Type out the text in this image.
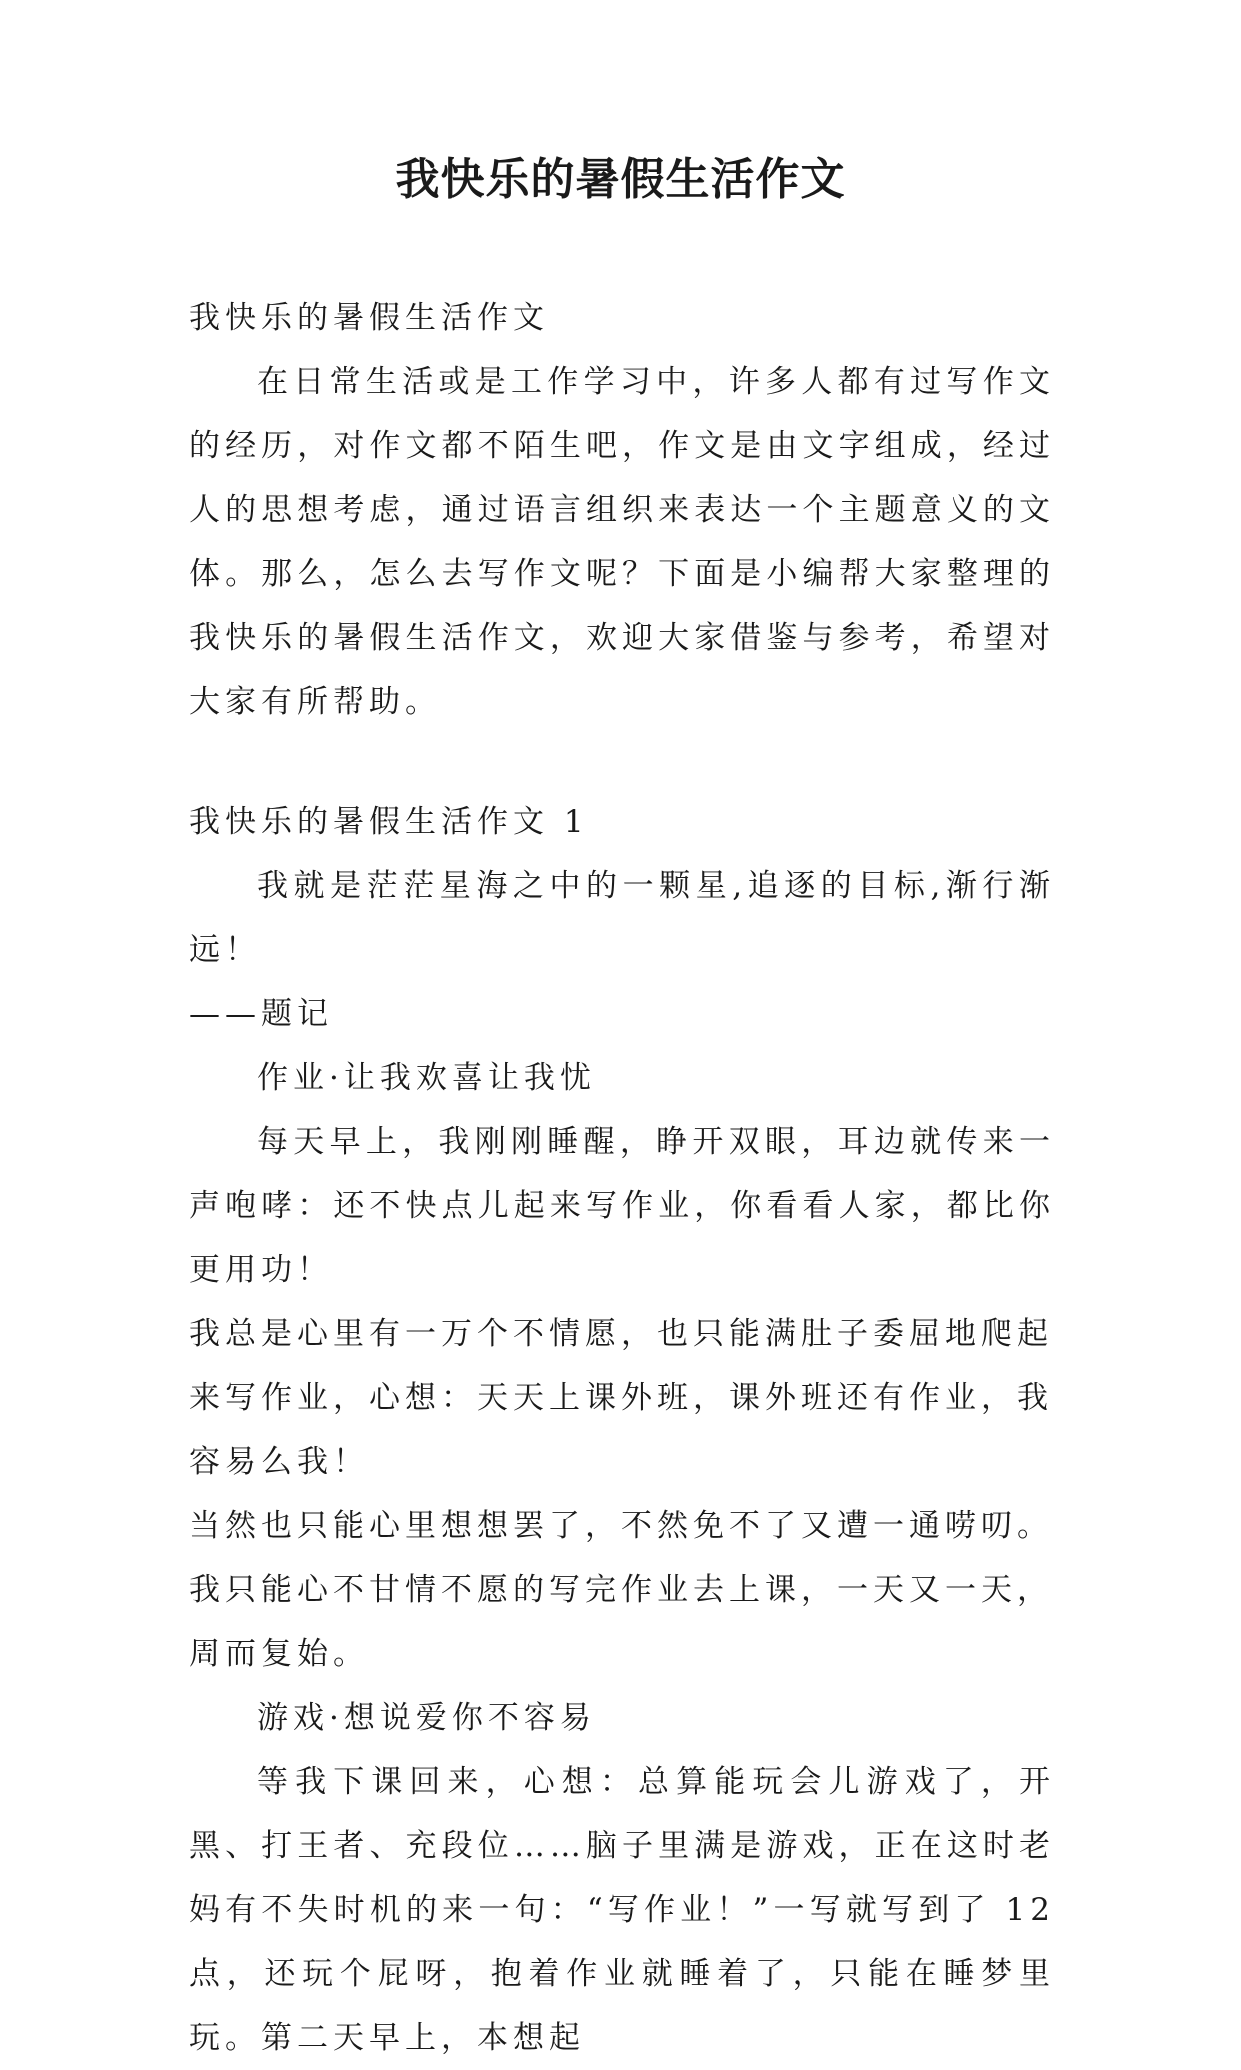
我快乐的暑假生活作文

我快乐的暑假生活作文

在日常生活或是工作学习中，许多人都有过写作文的经历，对作文都不陌生吧，作文是由文字组成，经过人的思想考虑，通过语言组织来表达一个主题意义的文体。那么，怎么去写作文呢？下面是小编帮大家整理的我快乐的暑假生活作文，欢迎大家借鉴与参考，希望对大家有所帮助。

我快乐的暑假生活作文 1

我就是茫茫星海之中的一颗星,追逐的目标,渐行渐远！

——题记

作业·让我欢喜让我忧

每天早上，我刚刚睡醒，睁开双眼，耳边就传来一声咆哮：还不快点儿起来写作业，你看看人家，都比你更用功！

我总是心里有一万个不情愿，也只能满肚子委屈地爬起来写作业，心想：天天上课外班，课外班还有作业，我容易么我！

当然也只能心里想想罢了，不然免不了又遭一通唠叨。我只能心不甘情不愿的写完作业去上课，一天又一天，周而复始。

游戏·想说爱你不容易

等我下课回来，心想：总算能玩会儿游戏了，开黑、打王者、充段位……脑子里满是游戏，正在这时老妈有不失时机的来一句：“写作业！”一写就写到了 12 点，还玩个屁呀，抱着作业就睡着了，只能在睡梦里玩。第二天早上，本想起
